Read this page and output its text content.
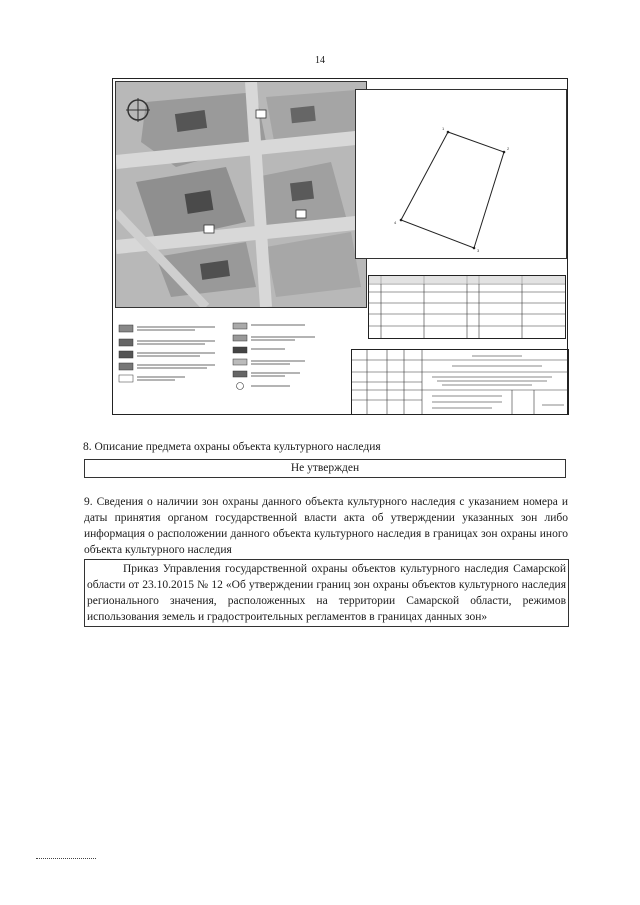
14
1
2
3
4
8. Описание предмета охраны объекта культурного наследия
Не утвержден
9. Сведения о наличии зон охраны данного объекта культурного наследия с указанием номера и даты принятия органом государственной власти акта об утверждении указанных зон либо информация о расположении данного объекта культурного наследия в границах зон охраны иного объекта культурного наследия
Приказ Управления государственной охраны объектов культурного наследия Самарской области от 23.10.2015 № 12 «Об утверждении границ зон охраны объектов культурного наследия регионального значения, расположенных на территории Самарской области, режимов использования земель и градостроительных регламентов в границах данных зон»
